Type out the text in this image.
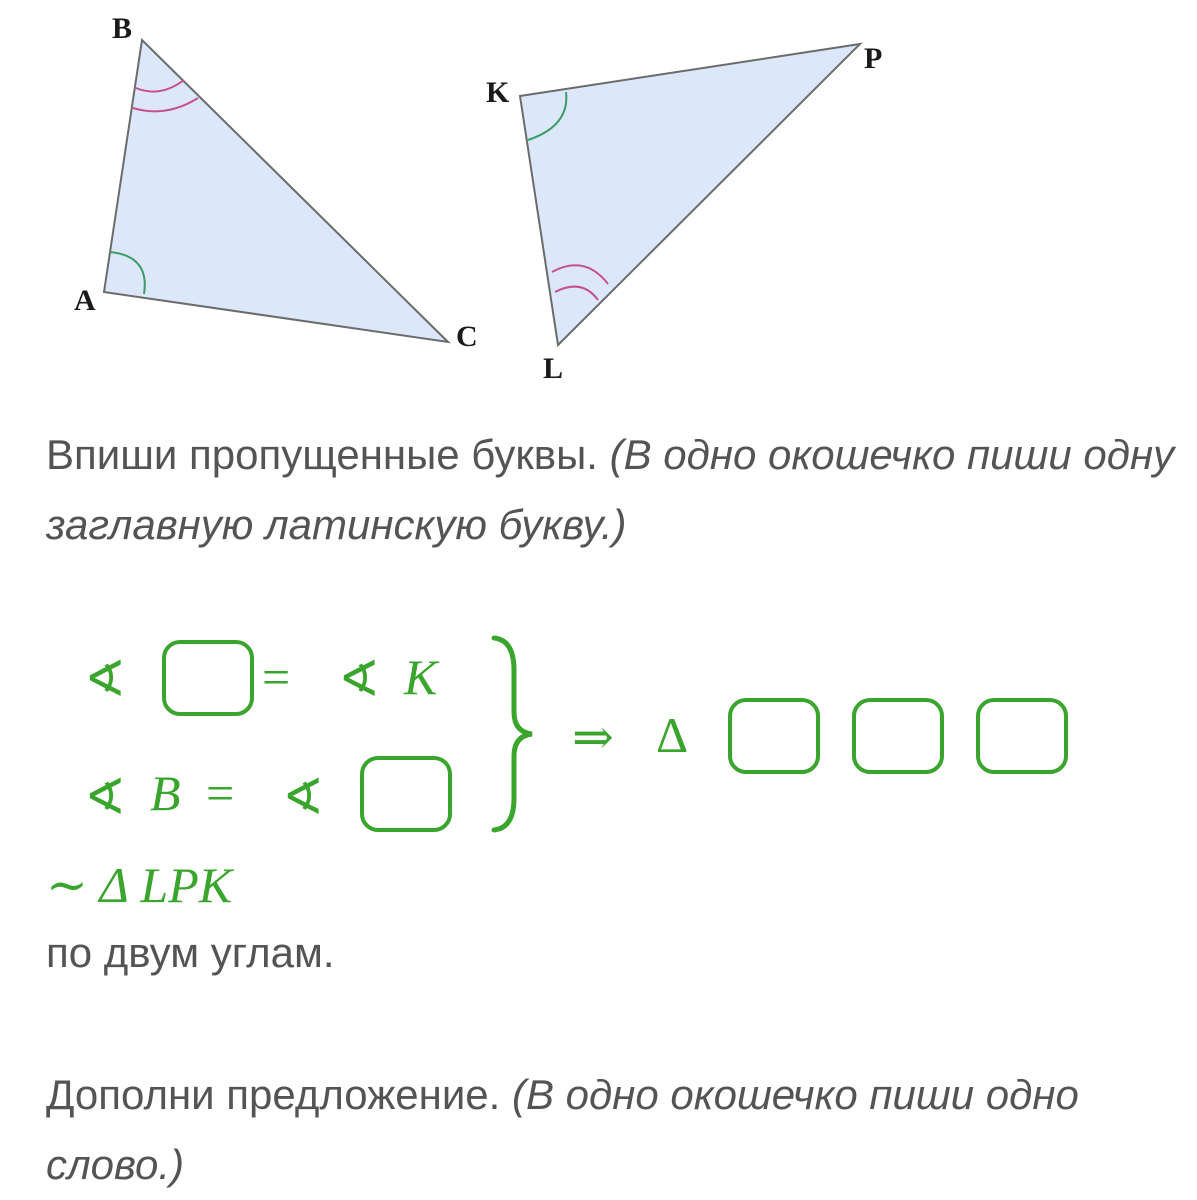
B
A
C
K
P
L
Впиши пропущенные буквы. (В одно окошечко пиши одну заглавную латинскую букву.)
∢	= ∢ K
∢ B = ∢
⇒ Δ
∼ Δ LPK
по двум углам.
Дополни предложение. (В одно окошечко пиши одно слово.)
